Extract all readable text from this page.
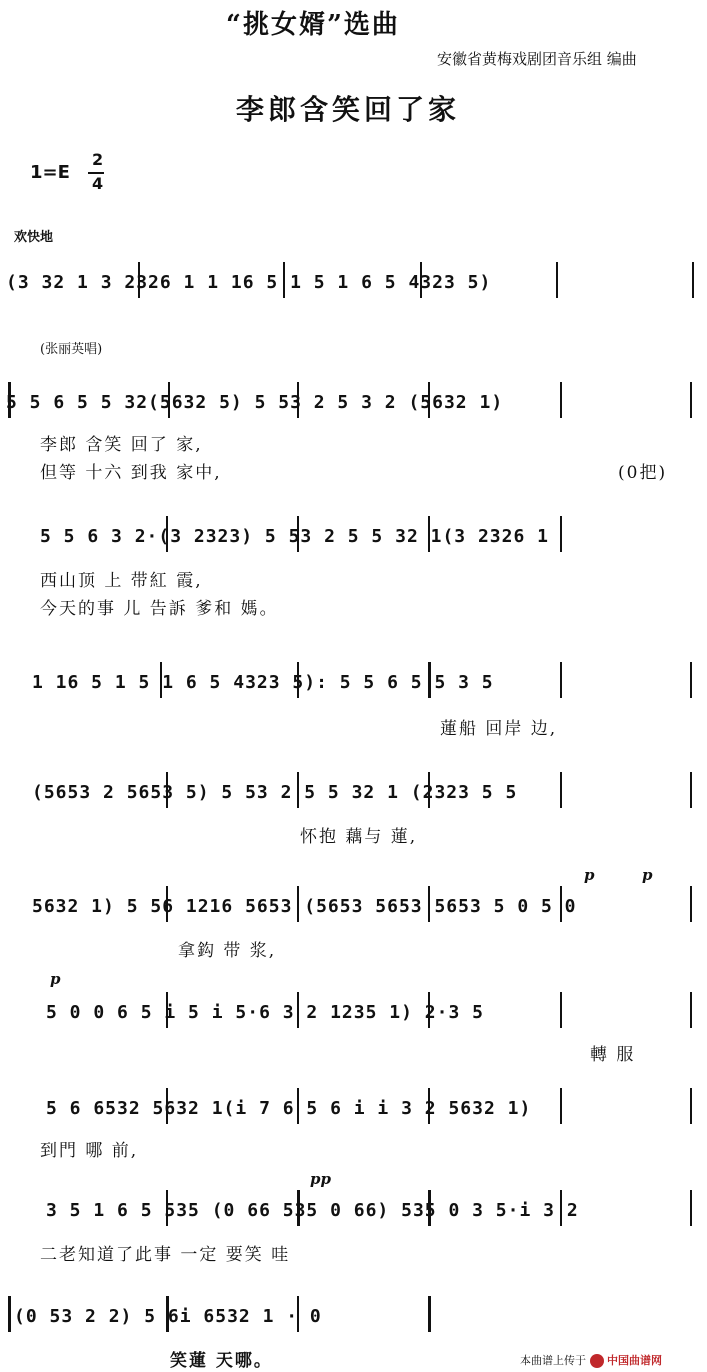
“挑女婿”选曲
安徽省黄梅戏剧团音乐组 编曲
李郎含笑回了家
1=E
2
4
欢快地
(3 32 1 3 2326 1 1 16 5 1 5 1 6 5 4323 5)
(张丽英唱)
5 5 6 5 5 32(5632 5) 5 53 2 5 3 2 (5632 1)
李郎 含笑 回了 家,
但等 十六 到我 家中,	(0把)
5 5 6 3 2·(3 2323) 5 53 2 5 5 32 1(3 2326 1
西山顶 上 带紅 霞,
今天的事 儿 告訴 爹和 媽。
1 16 5 1 5 1 6 5 4323 5): 5 5 6 5 5 3 5
蓮船 回岸 边,
(5653 2 5653 5) 5 53 2 5 5 32 1 (2323 5 5
怀抱 藕与 蓮,
p	p
5632 1) 5 56 1216 5653 (5653 5653 5653 5 0 5 0
拿鈎 带 浆,
p
5 0 0 6 5 i 5 i 5·6 3 2 1235 1) 2·3 5
轉 服
5 6 6532 5632 1(i 7 6 5 6 i i 3 2 5632 1)
到門 哪 前,
pp
3 5 1 6 5 535 (0 66 535 0 66) 535 0 3 5·i 3 2
二老知道了此事 一定 要笑 哇
(0 53 2 2) 5 6i 6532 1 · 0
笑蓮 天哪。	本曲谱上传于 中国曲谱网
